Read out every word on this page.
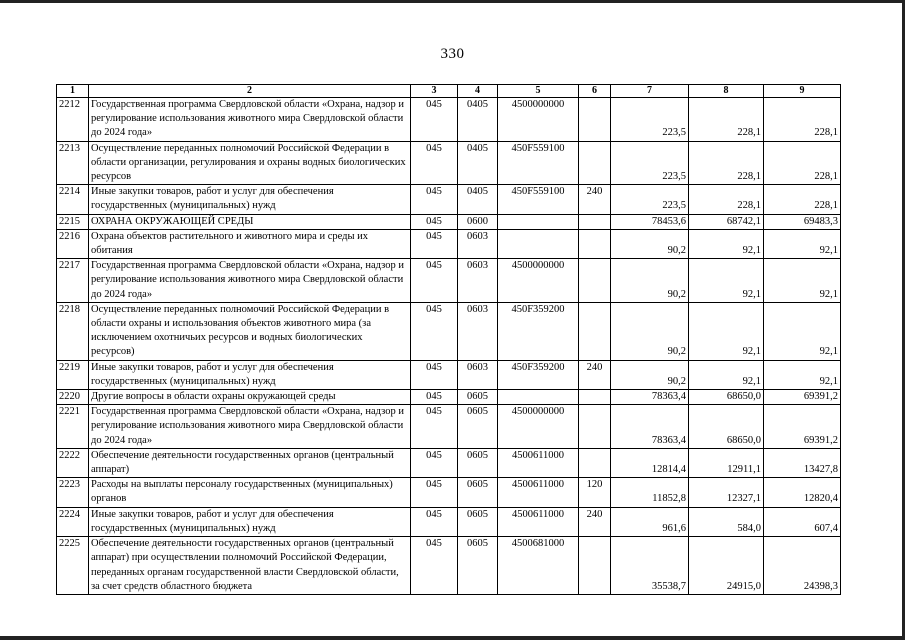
330
1	2	3	4	5	6	7	8	9
2212	Государственная программа Свердловской области «Охрана, надзор и регулирование использования животного мира Свердловской области до 2024 года»	045	0405	4500000000		223,5	228,1	228,1
2213	Осуществление переданных полномочий Российской Федерации в области организации, регулирования и охраны водных биологических ресурсов	045	0405	450F559100		223,5	228,1	228,1
2214	Иные закупки товаров, работ и услуг для обеспечения государственных (муниципальных) нужд	045	0405	450F559100	240	223,5	228,1	228,1
2215	ОХРАНА ОКРУЖАЮЩЕЙ СРЕДЫ	045	0600			78453,6	68742,1	69483,3
2216	Охрана объектов растительного и животного мира и среды их обитания	045	0603			90,2	92,1	92,1
2217	Государственная программа Свердловской области «Охрана, надзор и регулирование использования животного мира Свердловской области до 2024 года»	045	0603	4500000000		90,2	92,1	92,1
2218	Осуществление переданных полномочий Российской Федерации в области охраны и использования объектов животного мира (за исключением охотничьих ресурсов и водных биологических ресурсов)	045	0603	450F359200		90,2	92,1	92,1
2219	Иные закупки товаров, работ и услуг для обеспечения государственных (муниципальных) нужд	045	0603	450F359200	240	90,2	92,1	92,1
2220	Другие вопросы в области охраны окружающей среды	045	0605			78363,4	68650,0	69391,2
2221	Государственная программа Свердловской области «Охрана, надзор и регулирование использования животного мира Свердловской области до 2024 года»	045	0605	4500000000		78363,4	68650,0	69391,2
2222	Обеспечение деятельности государственных органов (центральный аппарат)	045	0605	4500611000		12814,4	12911,1	13427,8
2223	Расходы на выплаты персоналу государственных (муниципальных) органов	045	0605	4500611000	120	11852,8	12327,1	12820,4
2224	Иные закупки товаров, работ и услуг для обеспечения государственных (муниципальных) нужд	045	0605	4500611000	240	961,6	584,0	607,4
2225	Обеспечение деятельности государственных органов (центральный аппарат) при осуществлении полномочий Российской Федерации, переданных органам государственной власти Свердловской области, за счет средств областного бюджета	045	0605	4500681000		35538,7	24915,0	24398,3
